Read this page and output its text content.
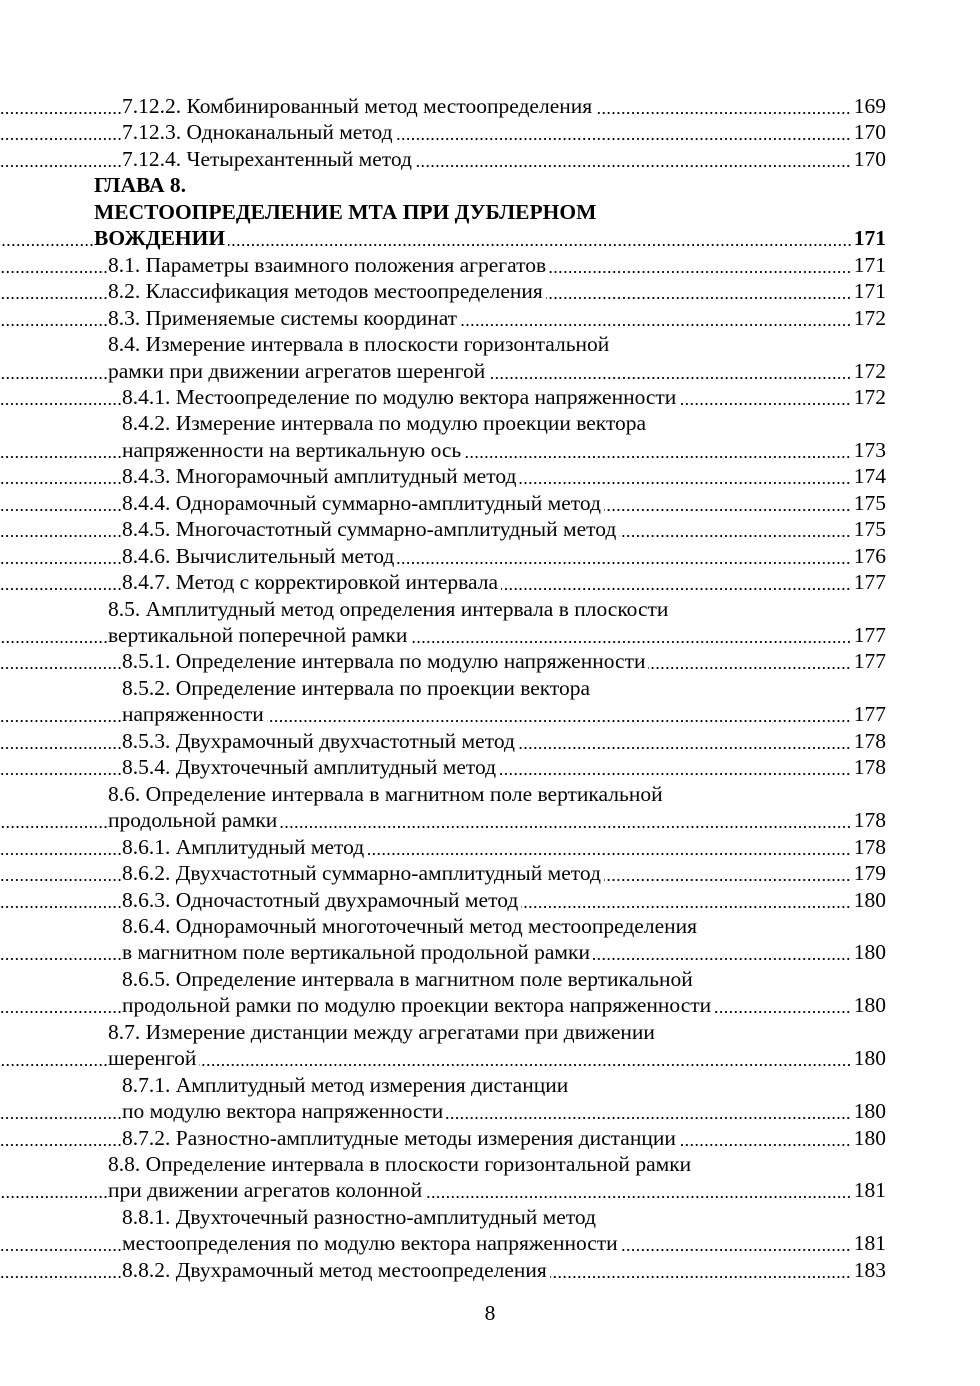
7.12.2. Комбинированный метод местоопределения	169
7.12.3. Одноканальный метод	170
7.12.4. Четырехантенный метод	170
ГЛАВА 8.
МЕСТООПРЕДЕЛЕНИЕ МТА ПРИ ДУБЛЕРНОМ
ВОЖДЕНИИ	171
8.1. Параметры взаимного положения агрегатов	171
8.2. Классификация методов местоопределения	171
8.3. Применяемые системы координат	172
8.4. Измерение интервала в плоскости горизонтальной
рамки при движении агрегатов шеренгой	172
8.4.1. Местоопределение по модулю вектора напряженности	172
8.4.2. Измерение интервала по модулю проекции вектора
напряженности на вертикальную ось	173
8.4.3. Многорамочный амплитудный метод	174
8.4.4. Однорамочный суммарно-амплитудный метод	175
8.4.5. Многочастотный суммарно-амплитудный метод	175
8.4.6. Вычислительный метод	176
8.4.7. Метод с корректировкой интервала	177
8.5. Амплитудный метод определения интервала в плоскости
вертикальной поперечной рамки	177
8.5.1. Определение интервала по модулю напряженности	177
8.5.2. Определение интервала по проекции вектора
напряженности	177
8.5.3. Двухрамочный двухчастотный метод	178
8.5.4. Двухточечный амплитудный метод	178
8.6. Определение интервала в магнитном поле вертикальной
продольной рамки	178
8.6.1. Амплитудный метод	178
8.6.2. Двухчастотный суммарно-амплитудный метод	179
8.6.3. Одночастотный двухрамочный метод	180
8.6.4. Однорамочный многоточечный метод местоопределения
в магнитном поле вертикальной продольной рамки	180
8.6.5. Определение интервала в магнитном поле вертикальной
продольной рамки по модулю проекции вектора напряженности	180
8.7. Измерение дистанции между агрегатами при движении
шеренгой	180
8.7.1. Амплитудный метод измерения дистанции
по модулю вектора напряженности	180
8.7.2. Разностно-амплитудные методы измерения дистанции	180
8.8. Определение интервала в плоскости горизонтальной рамки
при движении агрегатов колонной	181
8.8.1. Двухточечный разностно-амплитудный метод
местоопределения по модулю вектора напряженности	181
8.8.2. Двухрамочный метод местоопределения	183
8
